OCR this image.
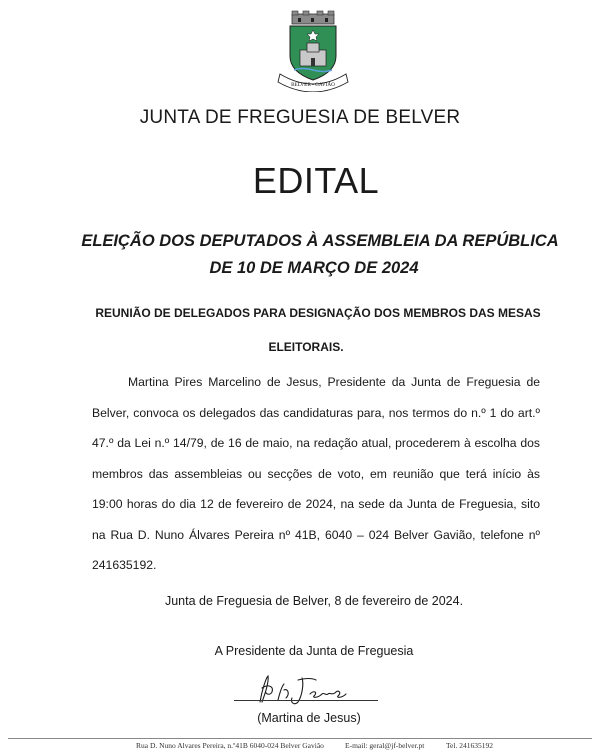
BELVER - GAVIÃO
JUNTA DE FREGUESIA DE BELVER
EDITAL
ELEIÇÃO DOS DEPUTADOS À ASSEMBLEIA DA REPÚBLICA
DE 10 DE MARÇO DE 2024
REUNIÃO DE DELEGADOS PARA DESIGNAÇÃO DOS MEMBROS DAS MESAS
ELEITORAIS.

Martina Pires Marcelino de Jesus, Presidente da Junta de Freguesia de Belver, convoca os delegados das candidaturas para, nos termos do n.º 1 do art.º 47.º da Lei n.º 14/79, de 16 de maio, na redação atual, procederem à escolha dos membros das assembleias ou secções de voto, em reunião que terá início às 19:00 horas do dia 12 de fevereiro de 2024, na sede da Junta de Freguesia, sito na Rua D. Nuno Álvares Pereira nº 41B, 6040 – 024 Belver Gavião, telefone nº 241635192.

Junta de Freguesia de Belver, 8 de fevereiro de 2024.
A Presidente da Junta de Freguesia
(Martina de Jesus)
Rua D. Nuno Alvares Pereira, n.º41B 6040-024 Belver Gavião	E-mail: geral@jf-belver.pt	Tel. 241635192
